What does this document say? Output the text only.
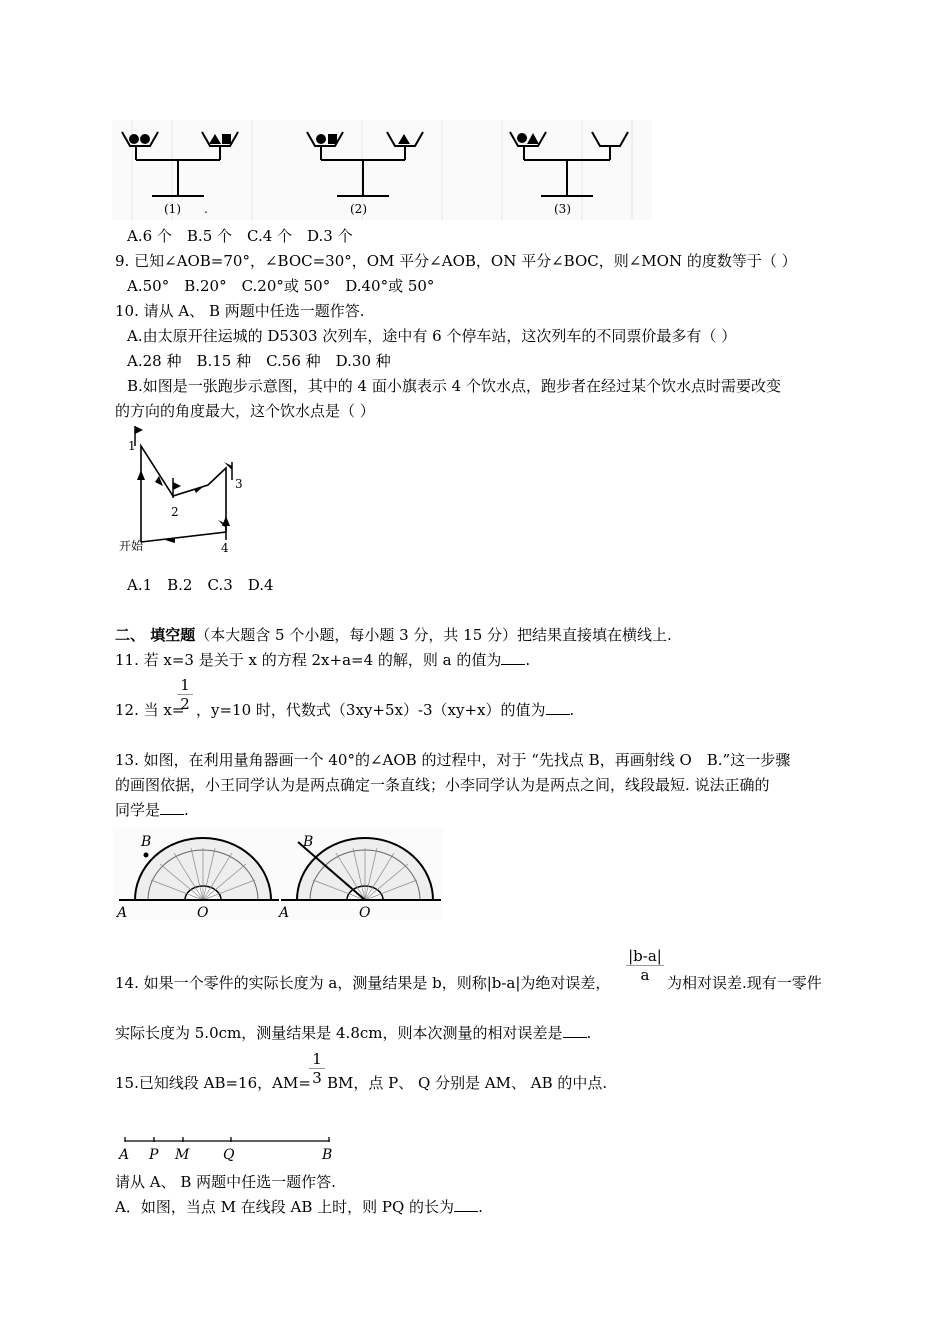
(1) .	(2)	(3)
A.6 个　B.5 个　C.4 个　D.3 个
9. 已知∠AOB=70°，∠BOC=30°，OM 平分∠AOB，ON 平分∠BOC，则∠MON 的度数等于（ ）
A.50°　B.20°　C.20°或 50°　D.40°或 50°
10. 请从 A、 B 两题中任选一题作答.
A.由太原开往运城的 D5303 次列车，途中有 6 个停车站，这次列车的不同票价最多有（ ）
A.28 种　B.15 种　C.56 种　D.30 种
B.如图是一张跑步示意图，其中的 4 面小旗表示 4 个饮水点，跑步者在经过某个饮水点时需要改变
的方向的角度最大，这个饮水点是（ ）
1
2
3
4
开始
A.1　B.2　C.3　D.4
二、 填空题（本大题含 5 个小题，每小题 3 分，共 15 分）把结果直接填在横线上.
11. 若 x=3 是关于 x 的方程 2x+a=4 的解，则 a 的值为 .
1
2
12. 当 x= ，y=10 时，代数式（3xy+5x）-3（xy+x）的值为 .
13. 如图，在利用量角器画一个 40°的∠AOB 的过程中，对于 “先找点 B，再画射线 O　B.”这一步骤
的画图依据，小王同学认为是两点确定一条直线；小李同学认为是两点之间，线段最短. 说法正确的
同学是 .
B
A	O
B
A	O
|b-a|
a
14. 如果一个零件的实际长度为 a，测量结果是 b，则称|b-a|为绝对误差，	为相对误差.现有一零件
实际长度为 5.0cm，测量结果是 4.8cm，则本次测量的相对误差是 .
1
3
15.已知线段 AB=16，AM= BM，点 P、 Q 分别是 AM、 AB 的中点.
A P M Q	B
请从 A、 B 两题中任选一题作答.
A．如图，当点 M 在线段 AB 上时，则 PQ 的长为 .
